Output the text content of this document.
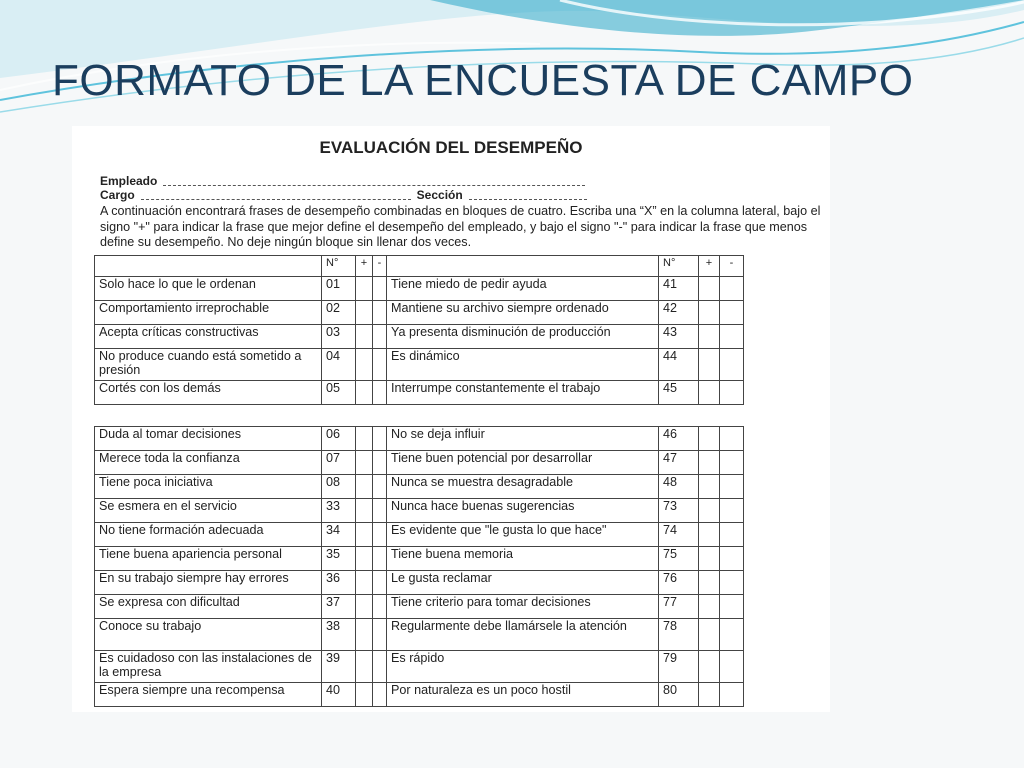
FORMATO DE LA ENCUESTA DE CAMPO
EVALUACIÓN DEL DESEMPEÑO
Empleado
Cargo	Sección
A continuación encontrará frases de desempeño combinadas en bloques de cuatro. Escriba una “X” en la columna lateral, bajo el signo "+" para indicar la frase que mejor define el desempeño del empleado, y bajo el signo "-" para indicar la frase que menos define su desempeño. No deje ningún bloque sin llenar dos veces.
	N°	+	-		N°	+	-
Solo hace lo que le ordenan	01			Tiene miedo de pedir ayuda	41		
Comportamiento irreprochable	02			Mantiene su archivo siempre ordenado	42		
Acepta críticas constructivas	03			Ya presenta disminución de producción	43		
No produce cuando está sometido a presión	04			Es dinámico	44		
Cortés con los demás	05			Interrumpe constantemente el trabajo	45		
Duda al tomar decisiones	06			No se deja influir	46		
Merece toda la confianza	07			Tiene buen potencial por desarrollar	47		
Tiene poca iniciativa	08			Nunca se muestra desagradable	48		
Se esmera en el servicio	33			Nunca hace buenas sugerencias	73		
No tiene formación adecuada	34			Es evidente que "le gusta lo que hace"	74		
Tiene buena apariencia personal	35			Tiene buena memoria	75		
En su trabajo siempre hay errores	36			Le gusta reclamar	76		
Se expresa con dificultad	37			Tiene criterio para tomar decisiones	77		
Conoce su trabajo	38			Regularmente debe llamársele la atención	78		
Es cuidadoso con las instalaciones de la empresa	39			Es rápido	79		
Espera siempre una recompensa	40			Por naturaleza es un poco hostil	80		
